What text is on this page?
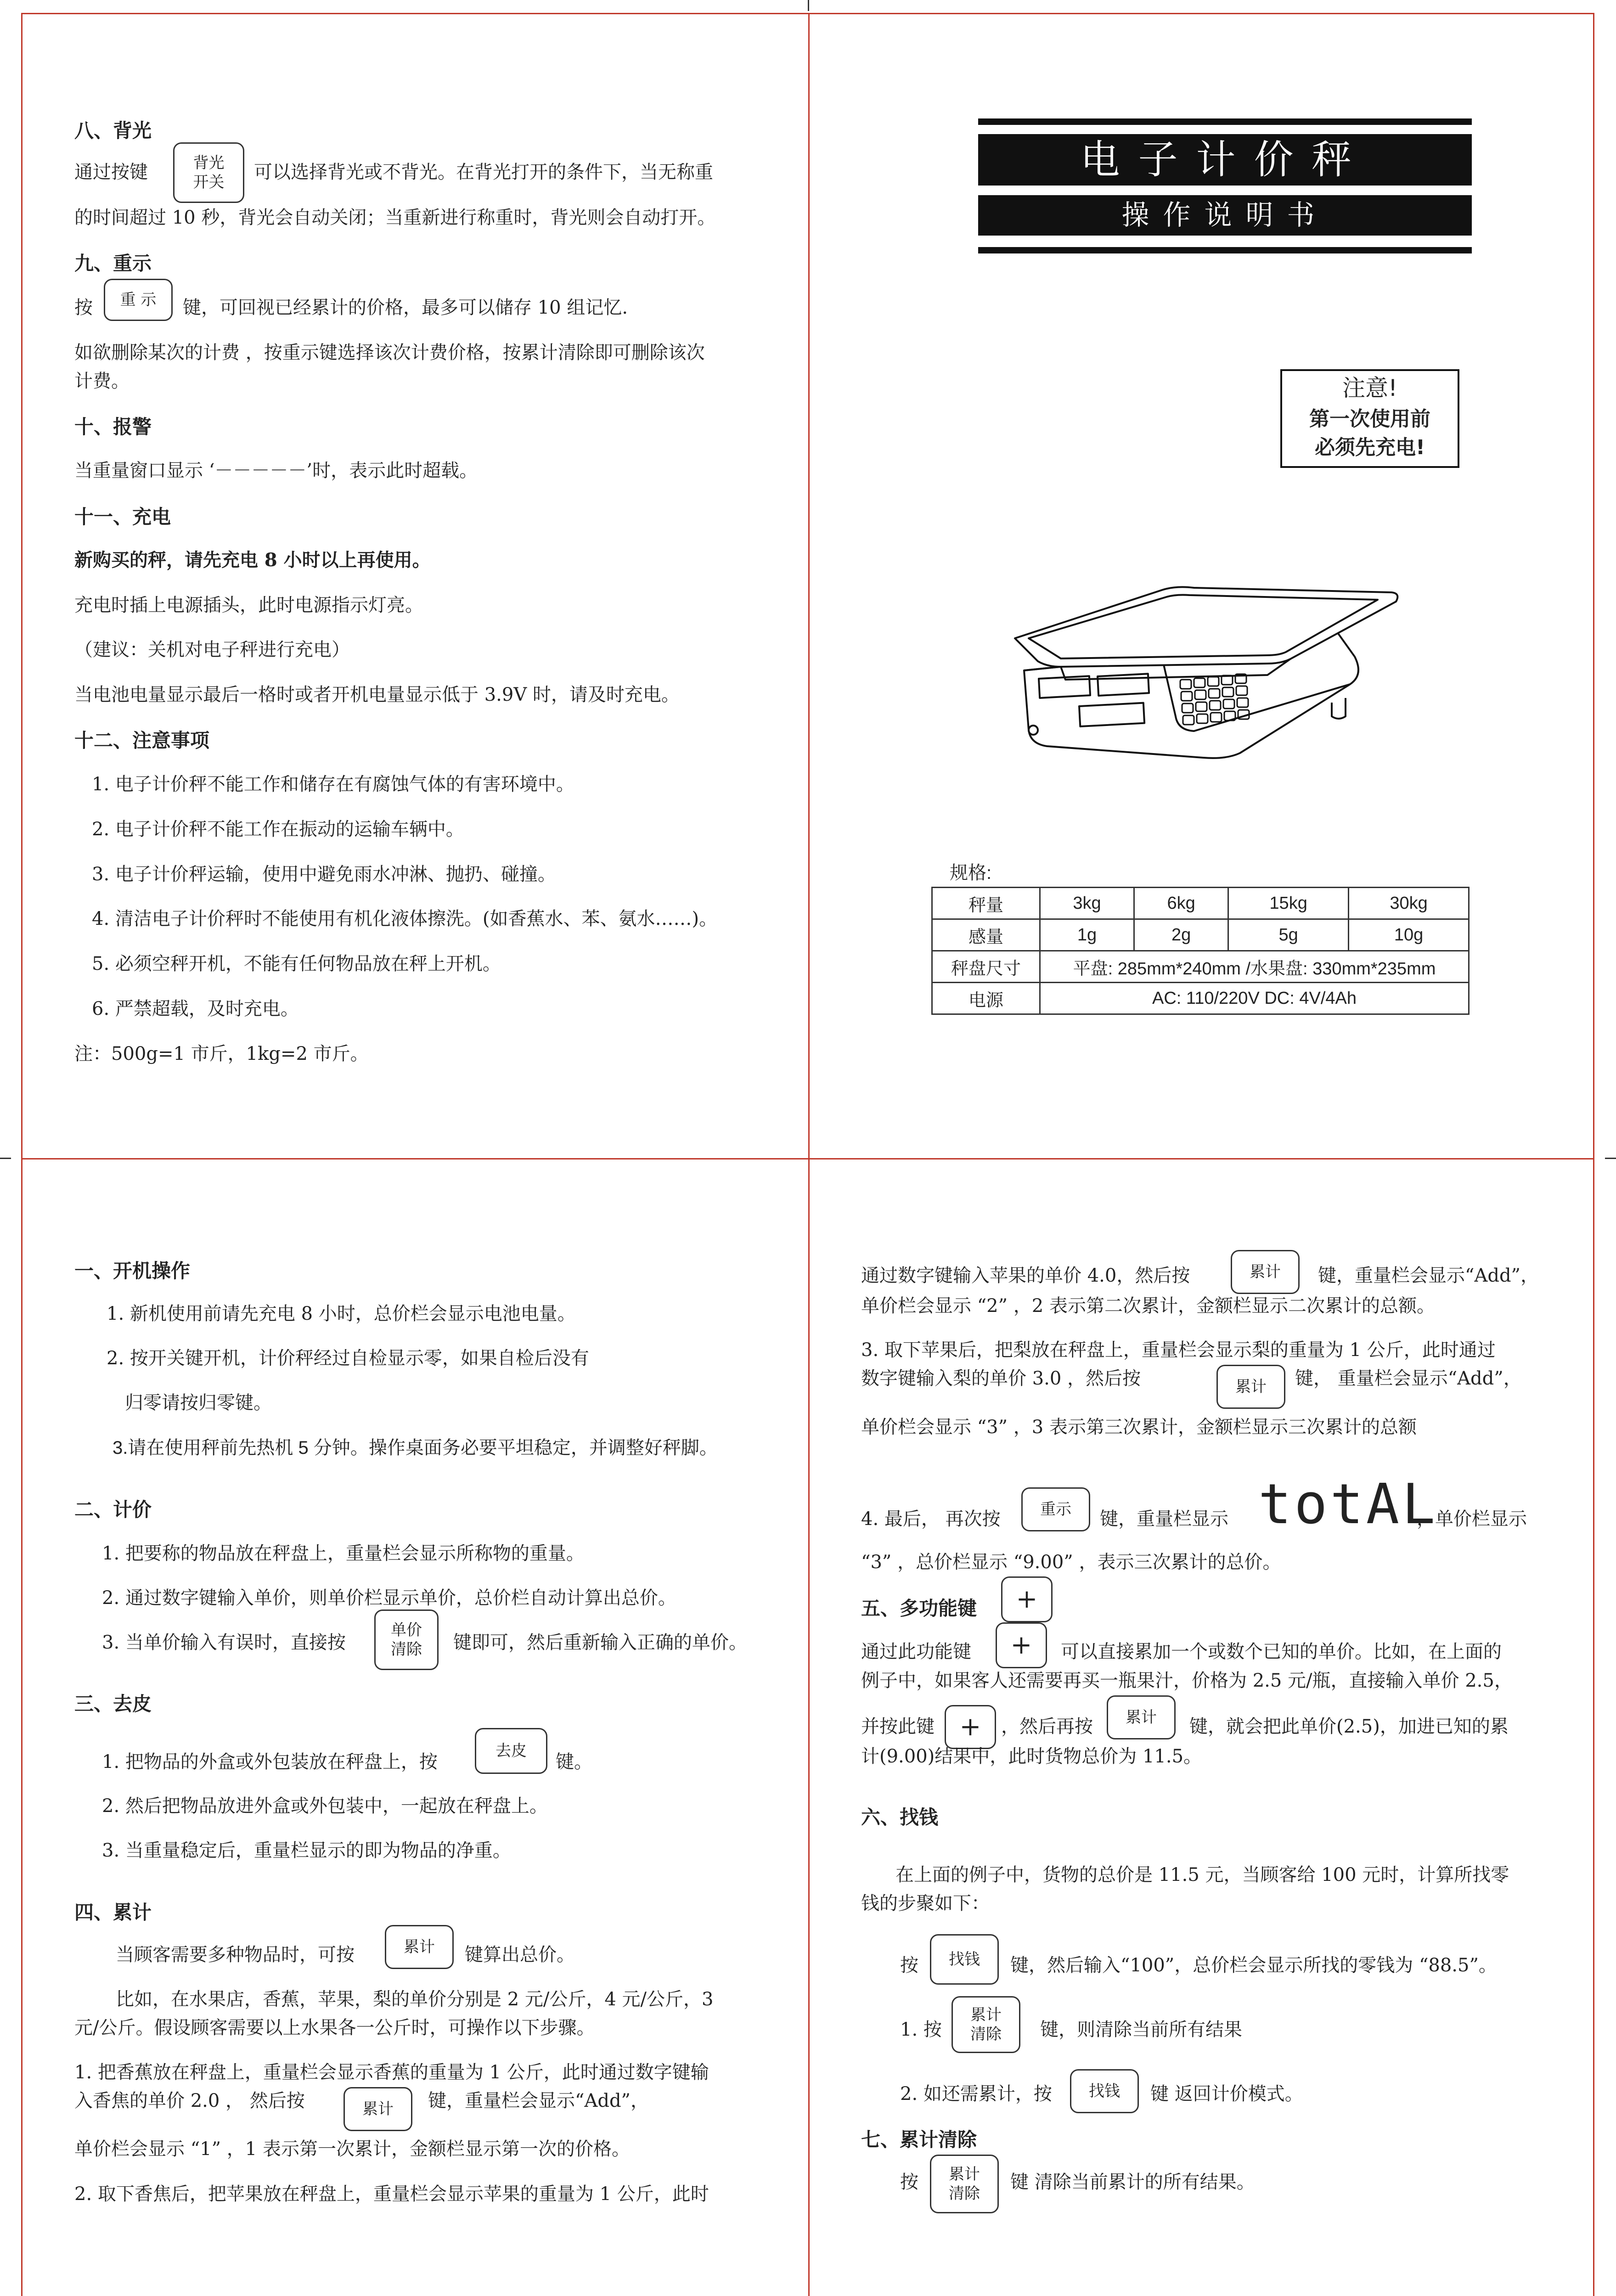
八、背光
通过按键	背光
开关 可以选择背光或不背光。在背光打开的条件下，当无称重
的时间超过 10 秒，背光会自动关闭；当重新进行称重时，背光则会自动打开。
九、重示
按	重 示	键，可回视已经累计的价格，最多可以储存 10 组记忆.
如欲删除某次的计费 ，按重示键选择该次计费价格，按累计清除即可删除该次
计费。
十、报警
当重量窗口显示 ‘－－－－－’时，表示此时超载。
十一、充电
新购买的秤，请先充电 8 小时以上再使用。
充电时插上电源插头，此时电源指示灯亮。
（建议：关机对电子秤进行充电）
当电池电量显示最后一格时或者开机电量显示低于 3.9V 时，请及时充电。
十二、注意事项
1. 电子计价秤不能工作和储存在有腐蚀气体的有害环境中。
2. 电子计价秤不能工作在振动的运输车辆中。
3. 电子计价秤运输，使用中避免雨水冲淋、抛扔、碰撞。
4. 清洁电子计价秤时不能使用有机化液体擦洗。(如香蕉水、苯、氨水……)。
5. 必须空秤开机，不能有任何物品放在秤上开机。
6. 严禁超载，及时充电。
注：500g=1 市斤，1kg=2 市斤。
电子计价秤
操作说明书
注意!
第一次使用前
必须先充电!
规格:
秤量	3kg	6kg	15kg	30kg
感量	1g	2g	5g	10g
秤盘尺寸	平盘: 285mm*240mm /水果盘: 330mm*235mm			
电源	AC: 110/220V DC: 4V/4Ah			
一、开机操作
1. 新机使用前请先充电 8 小时，总价栏会显示电池电量。
2. 按开关键开机，计价秤经过自检显示零，如果自检后没有
归零请按归零键。
3.请在使用秤前先热机 5 分钟。操作桌面务必要平坦稳定，并调整好秤脚。
二、计价
1. 把要称的物品放在秤盘上，重量栏会显示所称物的重量。
2. 通过数字键输入单价，则单价栏显示单价，总价栏自动计算出总价。
3. 当单价输入有误时，直接按
单价
清除 键即可，然后重新输入正确的单价。
三、去皮
1. 把物品的外盒或外包装放在秤盘上，按
去皮
键。
2. 然后把物品放进外盒或外包装中，一起放在秤盘上。
3. 当重量稳定后，重量栏显示的即为物品的净重。
四、累计
当顾客需要多种物品时，可按	累计	键算出总价。
比如，在水果店，香蕉，苹果，梨的单价分别是 2 元/公斤，4 元/公斤，3
元/公斤。假设顾客需要以上水果各一公斤时，可操作以下步骤。
1. 把香蕉放在秤盘上，重量栏会显示香蕉的重量为 1 公斤，此时通过数字键输
入香焦的单价 2.0 ， 然后按	累计	键，重量栏会显示“Add”，
单价栏会显示 “1” ，1 表示第一次累计，金额栏显示第一次的价格。
2. 取下香焦后，把苹果放在秤盘上，重量栏会显示苹果的重量为 1 公斤，此时
通过数字键输入苹果的单价 4.0，然后按	累计	键，重量栏会显示“Add”，
单价栏会显示 “2” ，2 表示第二次累计，金额栏显示二次累计的总额。
3. 取下苹果后，把梨放在秤盘上，重量栏会显示梨的重量为 1 公斤，此时通过
数字键输入梨的单价 3.0 ，然后按	累计	键， 重量栏会显示“Add”，
单价栏会显示 “3” ，3 表示第三次累计，金额栏显示三次累计的总额
4. 最后， 再次按	重示	键，重量栏显示 totAL
，单价栏显示
“3” ，总价栏显示 “9.00” ，表示三次累计的总价。
五、多功能键	+
通过此功能键	+	可以直接累加一个或数个已知的单价。比如，在上面的
例子中，如果客人还需要再买一瓶果汁，价格为 2.5 元/瓶，直接输入单价 2.5，
并按此键 +	，然后再按	累计	键，就会把此单价(2.5)，加进已知的累
计(9.00)结果中，此时货物总价为 11.5。
六、找钱
在上面的例子中，货物的总价是 11.5 元，当顾客给 100 元时，计算所找零
钱的步聚如下：
按	找钱	键，然后输入“100”，总价栏会显示所找的零钱为 “88.5”。
1. 按
累计
清除 键，则清除当前所有结果
2. 如还需累计，按	找钱	键 返回计价模式。
七、累计清除
按 累计
清除
键 清除当前累计的所有结果。
